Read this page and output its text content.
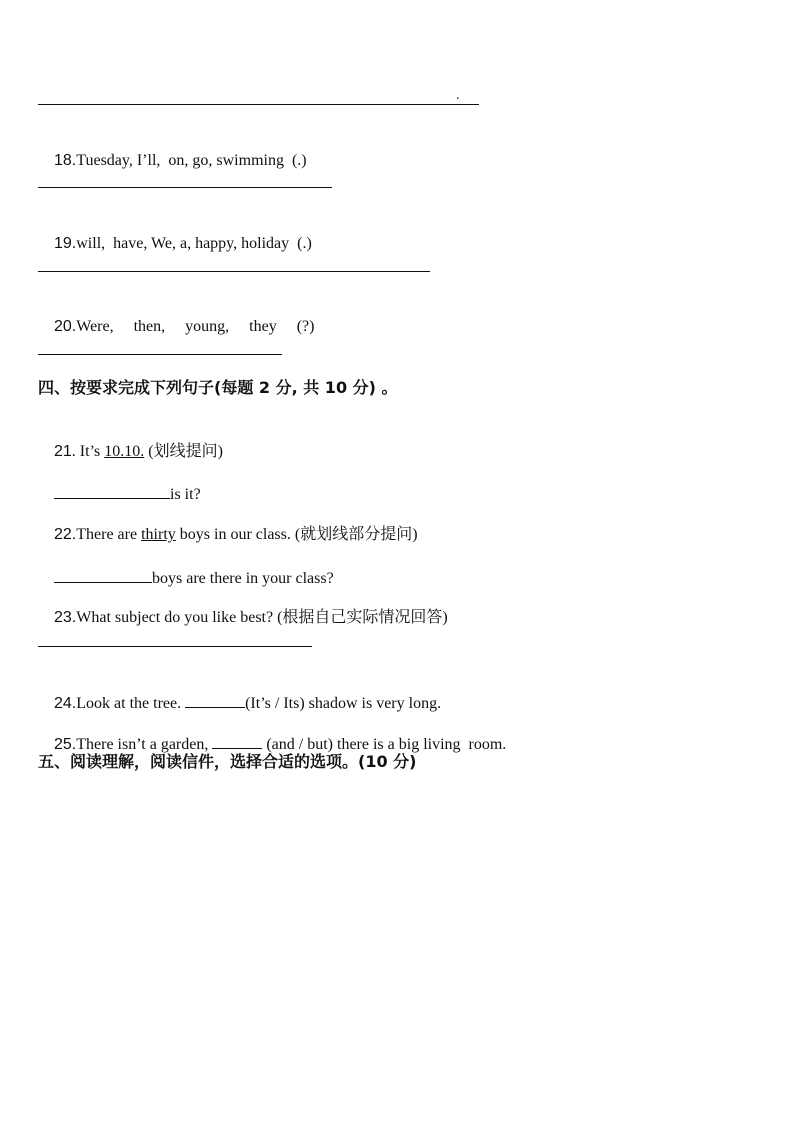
.

18.Tuesday, I’ll,  on, go, swimming  (.)

19.will,  have, We, a, happy, holiday  (.)

20.Were,     then,     young,     they     (?)

四、按要求完成下列句子(每题 2 分, 共 10 分) 。

21. It’s 10.10. (划线提问)

is it?

22.There are thirty boys in our class. (就划线部分提问)

boys are there in your class?

23.What subject do you like best? (根据自己实际情况回答)

24.Look at the tree.	(It’s / Its) shadow is very long.

25.There isn’t a garden,	(and / but) there is a big living  room.

五、阅读理解，阅读信件，选择合适的选项。(10 分)
